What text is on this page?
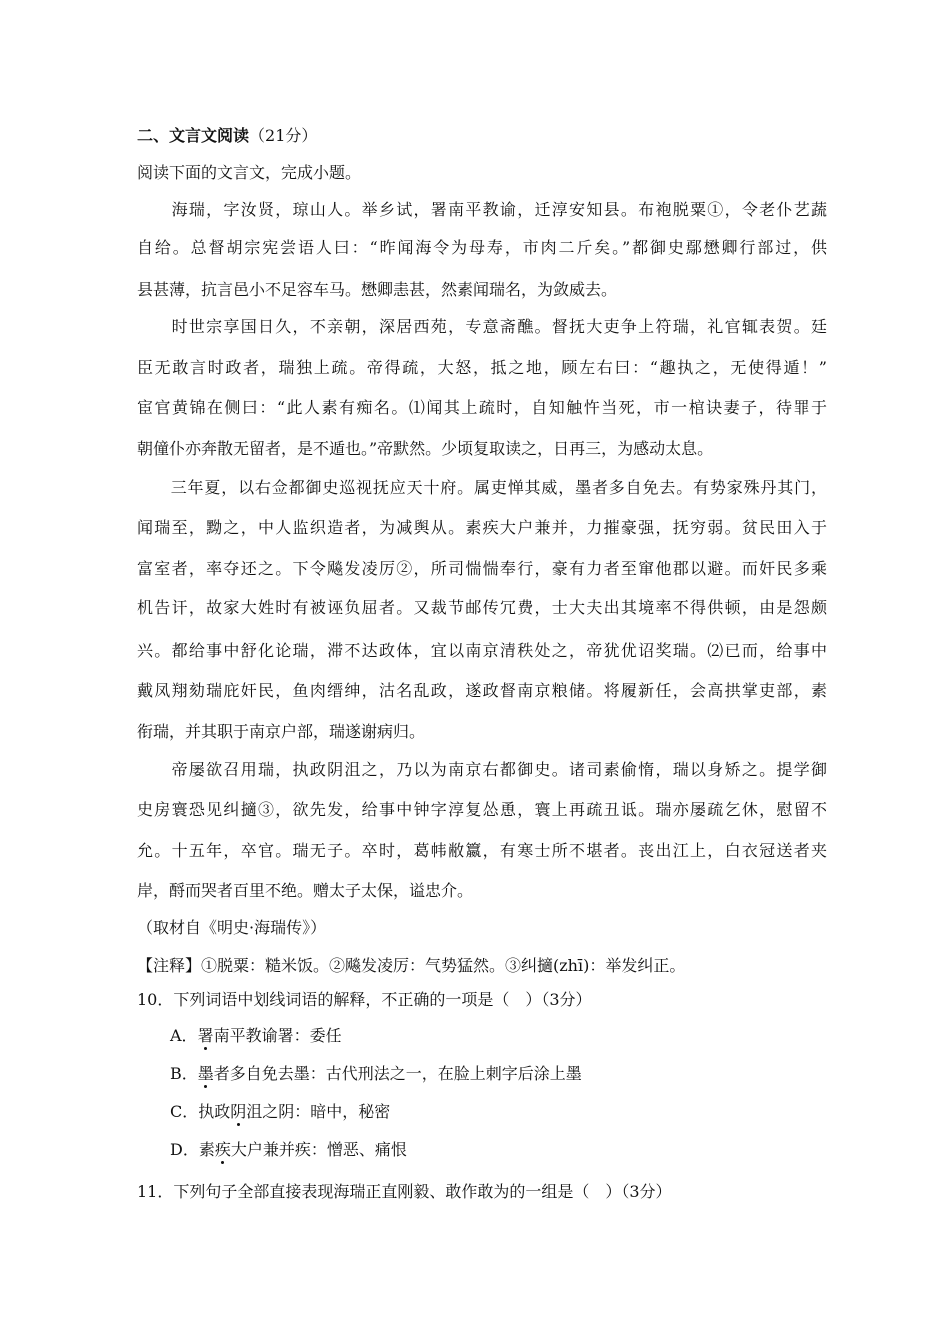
二、文言文阅读（21分）
阅读下面的文言文，完成小题。
　　海瑞，字汝贤，琼山人。举乡试，署南平教谕，迁淳安知县。布袍脱粟①，令老仆艺蔬
自给。总督胡宗宪尝语人曰：“昨闻海令为母寿，市肉二斤矣。”都御史鄢懋卿行部过，供
县甚薄，抗言邑小不足容车马。懋卿恚甚，然素闻瑞名，为敛威去。
　　时世宗享国日久，不亲朝，深居西苑，专意斋醮。督抚大吏争上符瑞，礼官辄表贺。廷
臣无敢言时政者，瑞独上疏。帝得疏，大怒，抵之地，顾左右曰：“趣执之，无使得遁！”
宦官黄锦在侧曰：“此人素有痴名。⑴闻其上疏时，自知触忤当死，市一棺诀妻子，待罪于
朝僮仆亦奔散无留者，是不遁也。”帝默然。少顷复取读之，日再三，为感动太息。
　　三年夏，以右佥都御史巡视抚应天十府。属吏惮其威，墨者多自免去。有势家殊丹其门，
闻瑞至，黝之，中人监织造者，为减舆从。素疾大户兼并，力摧豪强，抚穷弱。贫民田入于
富室者，率夺还之。下令飚发凌厉②，所司惴惴奉行，豪有力者至窜他郡以避。而奸民多乘
机告讦，故家大姓时有被诬负屈者。又裁节邮传冗费，士大夫出其境率不得供顿，由是怨颇
兴。都给事中舒化论瑞，滞不达政体，宜以南京清秩处之，帝犹优诏奖瑞。⑵已而，给事中
戴凤翔劾瑞庇奸民，鱼肉缙绅，沽名乱政，遂政督南京粮储。将履新任，会高拱掌吏部，素
衔瑞，并其职于南京户部，瑞遂谢病归。
　　帝屡欲召用瑞，执政阴沮之，乃以为南京右都御史。诸司素偷惰，瑞以身矫之。提学御
史房寰恐见纠擿③，欲先发，给事中钟字淳复怂恿，寰上再疏丑诋。瑞亦屡疏乞休，慰留不
允。十五年，卒官。瑞无子。卒时，葛帏敝籝，有寒士所不堪者。丧出江上，白衣冠送者夹
岸，酹而哭者百里不绝。赠太子太保，谥忠介。
（取材自《明史·海瑞传》）
【注释】①脱粟：糙米饭。②飚发凌厉：气势猛然。③纠擿(zhī)：举发纠正。
10．下列词语中划线词语的解释，不正确的一项是（　）（3分）
A．署南平教谕署：委任
B．墨者多自免去墨：古代刑法之一，在脸上刺字后涂上墨
C．执政阴沮之阴：暗中，秘密
D．素疾大户兼并疾：憎恶、痛恨
11．下列句子全部直接表现海瑞正直刚毅、敢作敢为的一组是（　）（3分）
